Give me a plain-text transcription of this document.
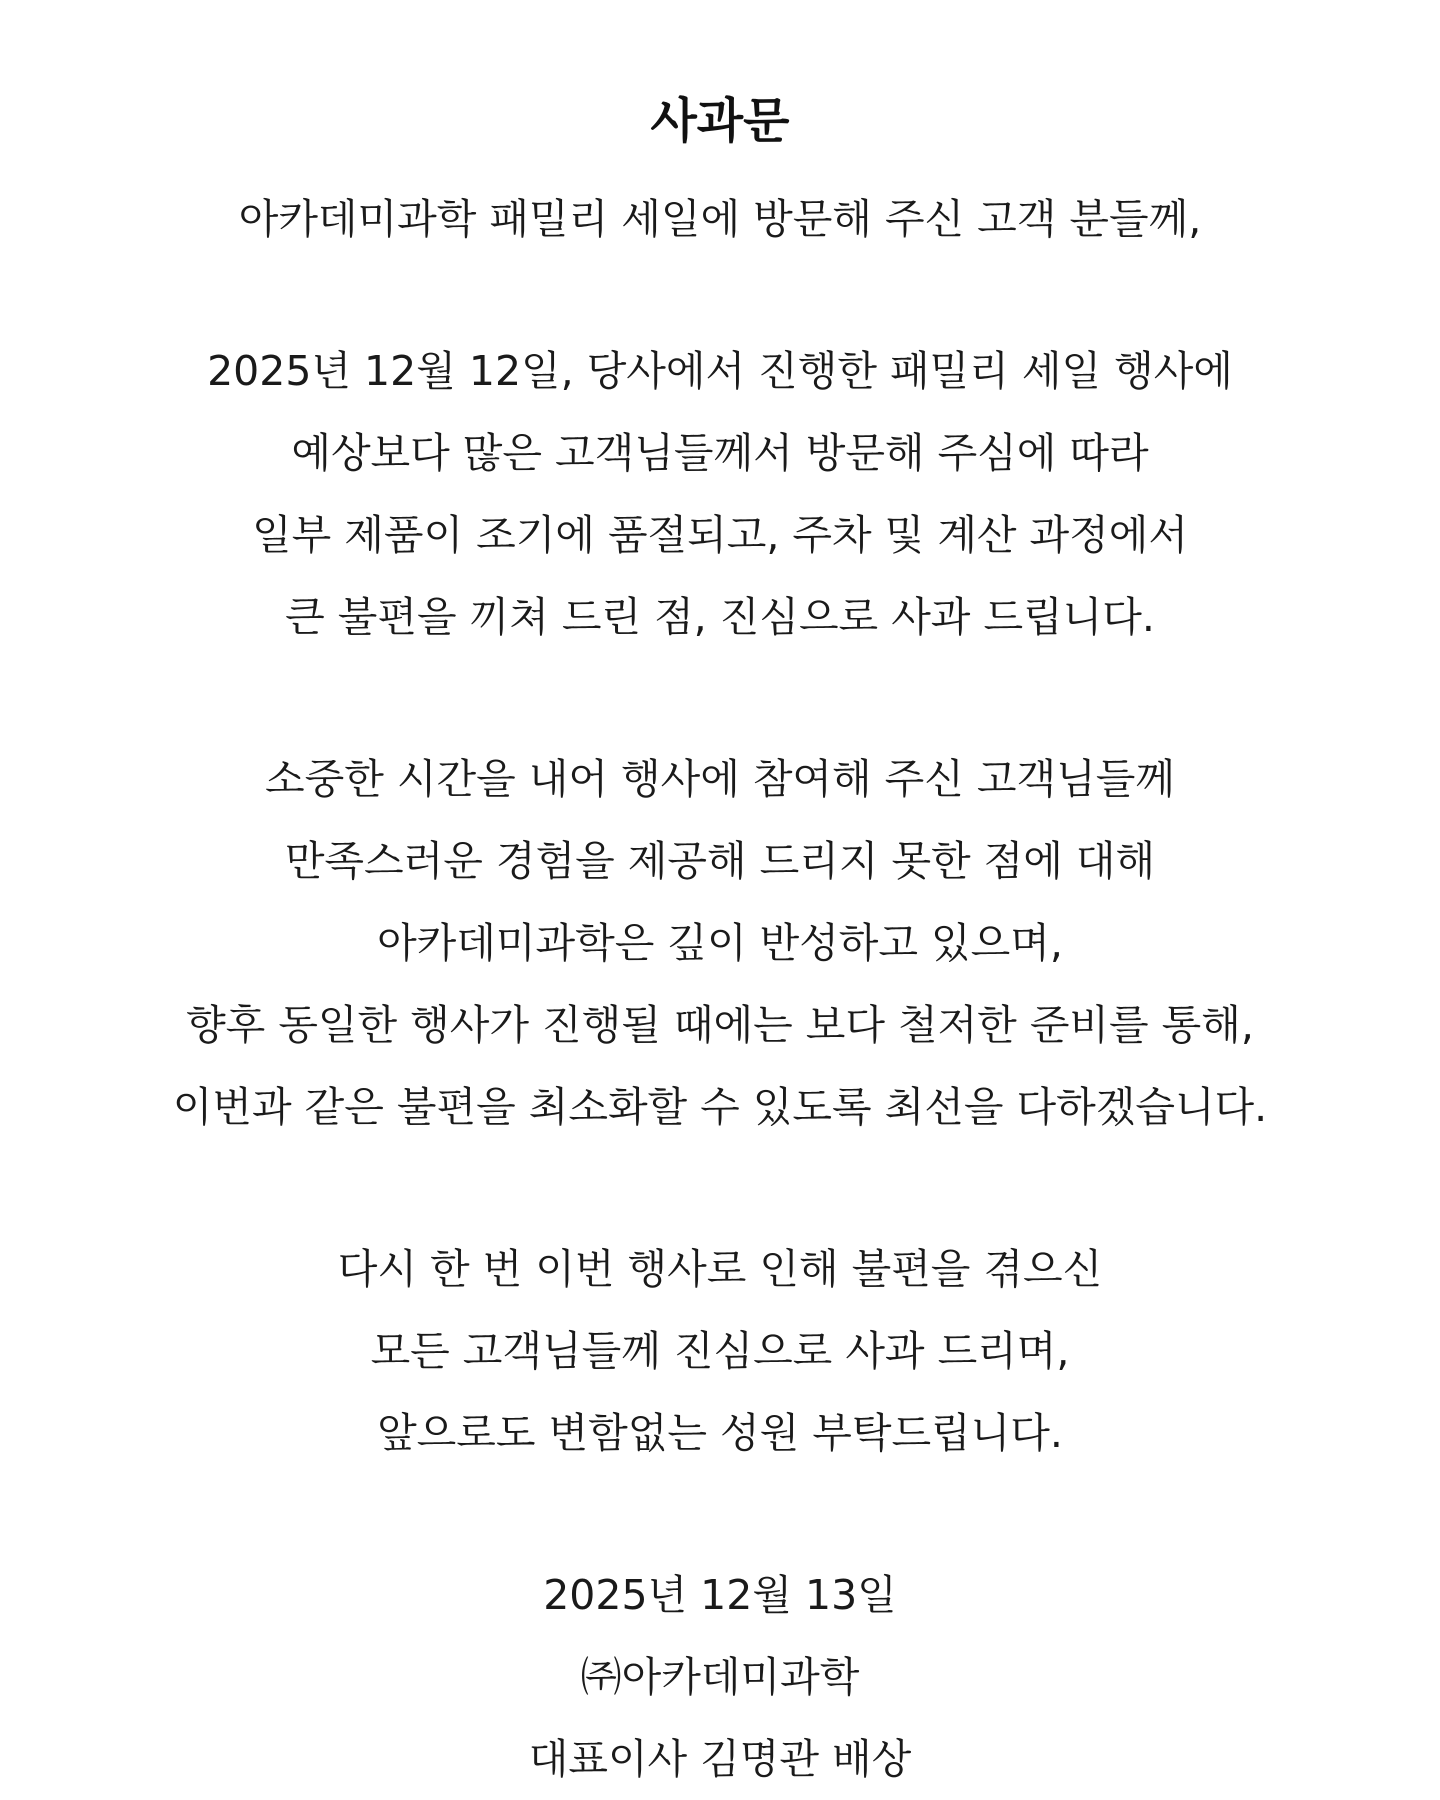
사과문

아카데미과학 패밀리 세일에 방문해 주신 고객 분들께,

2025년 12월 12일, 당사에서 진행한 패밀리 세일 행사에
예상보다 많은 고객님들께서 방문해 주심에 따라
일부 제품이 조기에 품절되고, 주차 및 계산 과정에서
큰 불편을 끼쳐 드린 점, 진심으로 사과 드립니다.
소중한 시간을 내어 행사에 참여해 주신 고객님들께
만족스러운 경험을 제공해 드리지 못한 점에 대해
아카데미과학은 깊이 반성하고 있으며,
향후 동일한 행사가 진행될 때에는 보다 철저한 준비를 통해,
이번과 같은 불편을 최소화할 수 있도록 최선을 다하겠습니다.
다시 한 번 이번 행사로 인해 불편을 겪으신
모든 고객님들께 진심으로 사과 드리며,
앞으로도 변함없는 성원 부탁드립니다.
2025년 12월 13일
㈜아카데미과학
대표이사 김명관 배상
